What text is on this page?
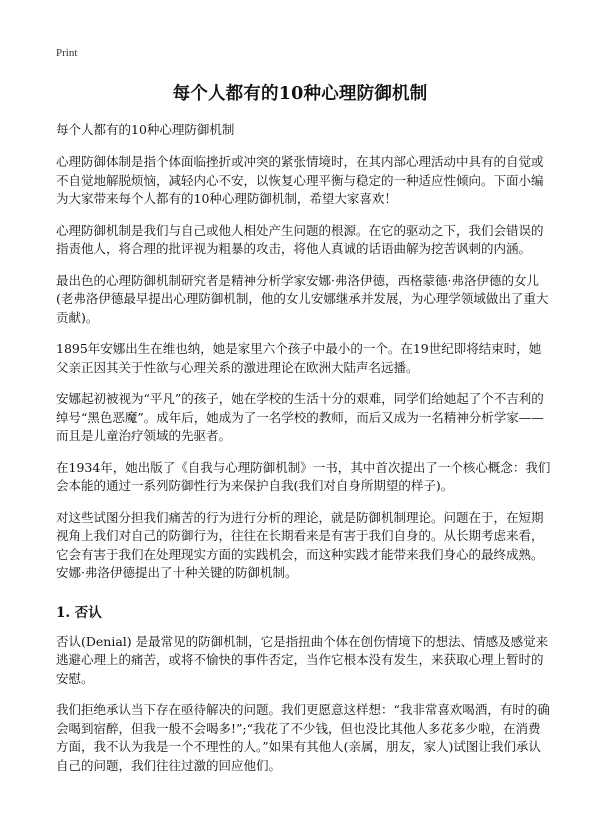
Print
每个人都有的10种心理防御机制

每个人都有的10种心理防御机制

心理防御体制是指个体面临挫折或冲突的紧张情境时，在其内部心理活动中具有的自觉或不自觉地解脱烦恼，减轻内心不安，以恢复心理平衡与稳定的一种适应性倾向。下面小编为大家带来每个人都有的10种心理防御机制，希望大家喜欢！

心理防御机制是我们与自己或他人相处产生问题的根源。在它的驱动之下，我们会错误的指责他人，将合理的批评视为粗暴的攻击，将他人真诚的话语曲解为挖苦讽刺的内涵。

最出色的心理防御机制研究者是精神分析学家安娜·弗洛伊德，西格蒙德·弗洛伊德的女儿(老弗洛伊德最早提出心理防御机制，他的女儿安娜继承并发展，为心理学领域做出了重大贡献)。

1895年安娜出生在维也纳，她是家里六个孩子中最小的一个。在19世纪即将结束时，她父亲正因其关于性欲与心理关系的激进理论在欧洲大陆声名远播。

安娜起初被视为“平凡”的孩子，她在学校的生活十分的艰难，同学们给她起了个不吉利的绰号“黑色恶魔”。成年后，她成为了一名学校的教师，而后又成为一名精神分析学家——而且是儿童治疗领域的先驱者。

在1934年，她出版了《自我与心理防御机制》一书，其中首次提出了一个核心概念：我们会本能的通过一系列防御性行为来保护自我(我们对自身所期望的样子)。

对这些试图分担我们痛苦的行为进行分析的理论，就是防御机制理论。问题在于，在短期视角上我们对自己的防御行为，往往在长期看来是有害于我们自身的。从长期考虑来看，它会有害于我们在处理现实方面的实践机会，而这种实践才能带来我们身心的最终成熟。安娜·弗洛伊德提出了十种关键的防御机制。

1. 否认

否认(Denial) 是最常见的防御机制，它是指扭曲个体在创伤情境下的想法、情感及感觉来逃避心理上的痛苦，或将不愉快的事件否定，当作它根本没有发生，来获取心理上暂时的安慰。

我们拒绝承认当下存在亟待解决的问题。我们更愿意这样想：“我非常喜欢喝酒，有时的确会喝到宿醉，但我一般不会喝多!”;“我花了不少钱，但也没比其他人多花多少啦，在消费方面，我不认为我是一个不理性的人。”如果有其他人(亲属，朋友，家人)试图让我们承认自己的问题，我们往往过激的回应他们。
